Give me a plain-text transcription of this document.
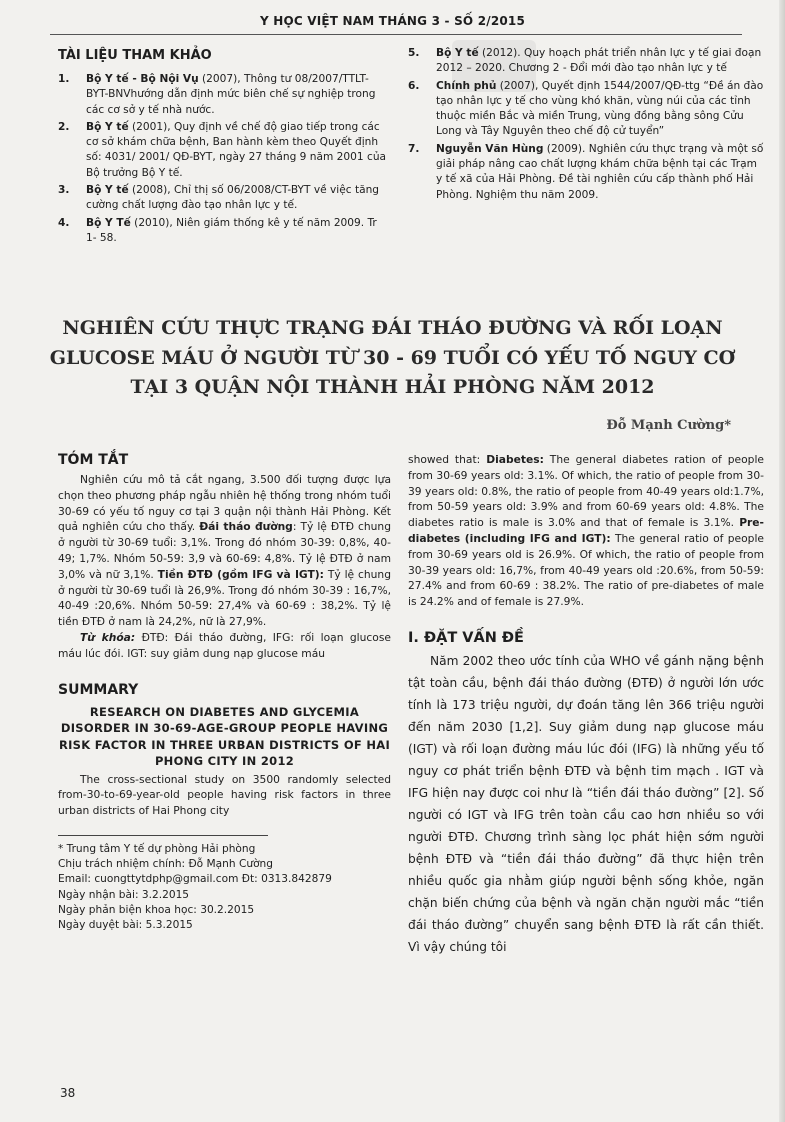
Y HỌC VIỆT NAM THÁNG 3 - SỐ 2/2015
TÀI LIỆU THAM KHẢO
1. Bộ Y tế - Bộ Nội Vụ (2007), Thông tư 08/2007/TTLT-BYT-BNVhướng dẫn định mức biên chế sự nghiệp trong các cơ sở y tế nhà nước.
2. Bộ Y tế (2001), Quy định về chế độ giao tiếp trong các cơ sở khám chữa bệnh, Ban hành kèm theo Quyết định số: 4031/ 2001/ QĐ-BYT, ngày 27 tháng 9 năm 2001 của Bộ trưởng Bộ Y tế.
3. Bộ Y tế (2008), Chỉ thị số 06/2008/CT-BYT về việc tăng cường chất lượng đào tạo nhân lực y tế.
4. Bộ Y Tế (2010), Niên giám thống kê y tế năm 2009. Tr 1- 58.
5. Bộ Y tế (2012). Quy hoạch phát triển nhân lực y tế giai đoạn 2012 – 2020. Chương 2 - Đổi mới đào tạo nhân lực y tế
6. Chính phủ (2007), Quyết định 1544/2007/QĐ-ttg “Đề án đào tạo nhân lực y tế cho vùng khó khăn, vùng núi của các tỉnh thuộc miền Bắc và miền Trung, vùng đồng bằng sông Cửu Long và Tây Nguyên theo chế độ cử tuyển”
7. Nguyễn Văn Hùng (2009). Nghiên cứu thực trạng và một số giải pháp nâng cao chất lượng khám chữa bệnh tại các Trạm y tế xã của Hải Phòng. Đề tài nghiên cứu cấp thành phố Hải Phòng. Nghiệm thu năm 2009.
NGHIÊN CỨU THỰC TRẠNG ĐÁI THÁO ĐƯỜNG VÀ RỐI LOẠN
GLUCOSE MÁU Ở NGƯỜI TỪ 30 - 69 TUỔI CÓ YẾU TỐ NGUY CƠ
TẠI 3 QUẬN NỘI THÀNH HẢI PHÒNG NĂM 2012
Đỗ Mạnh Cường*
TÓM TẮT

Nghiên cứu mô tả cắt ngang, 3.500 đối tượng được lựa chọn theo phương pháp ngẫu nhiên hệ thống trong nhóm tuổi 30-69 có yếu tố nguy cơ tại 3 quận nội thành Hải Phòng. Kết quả nghiên cứu cho thấy. Đái tháo đường: Tỷ lệ ĐTĐ chung ở người từ 30-69 tuổi: 3,1%. Trong đó nhóm 30-39: 0,8%, 40-49; 1,7%. Nhóm 50-59: 3,9 và 60-69: 4,8%. Tỷ lệ ĐTĐ ở nam 3,0% và nữ 3,1%. Tiền ĐTĐ (gồm IFG và IGT): Tỷ lệ chung ở người từ 30-69 tuổi là 26,9%. Trong đó nhóm 30-39 : 16,7%, 40-49 :20,6%. Nhóm 50-59: 27,4% và 60-69 : 38,2%. Tỷ lệ tiền ĐTĐ ở nam là 24,2%, nữ là 27,9%.

Từ khóa: ĐTĐ: Đái tháo đường, IFG: rối loạn glucose máu lúc đói. IGT: suy giảm dung nạp glucose máu

SUMMARY
RESEARCH ON DIABETES AND GLYCEMIA DISORDER IN 30-69-AGE-GROUP PEOPLE HAVING RISK FACTOR IN THREE URBAN DISTRICTS OF HAI PHONG CITY IN 2012

The cross-sectional study on 3500 randomly selected from-30-to-69-year-old people having risk factors in three urban districts of Hai Phong city

* Trung tâm Y tế dự phòng Hải phòng
Chịu trách nhiệm chính: Đỗ Mạnh Cường
Email: cuongttytdphp@gmail.com Đt: 0313.842879
Ngày nhận bài: 3.2.2015
Ngày phản biện khoa học: 30.2.2015
Ngày duyệt bài: 5.3.2015

showed that: Diabetes: The general diabetes ration of people from 30-69 years old: 3.1%. Of which, the ratio of people from 30-39 years old: 0.8%, the ratio of people from 40-49 years old:1.7%, from 50-59 years old: 3.9% and from 60-69 years old: 4.8%. The diabetes ratio is male is 3.0% and that of female is 3.1%. Pre-diabetes (including IFG and IGT): The general ratio of people from 30-69 years old is 26.9%. Of which, the ratio of people from 30-39 years old: 16,7%, from 40-49 years old :20.6%, from 50-59: 27.4% and from 60-69 : 38.2%. The ratio of pre-diabetes of male is 24.2% and of female is 27.9%.

I. ĐẶT VẤN ĐỀ

Năm 2002 theo ước tính của WHO về gánh nặng bệnh tật toàn cầu, bệnh đái tháo đường (ĐTĐ) ở người lớn ước tính là 173 triệu người, dự đoán tăng lên 366 triệu người đến năm 2030 [1,2]. Suy giảm dung nạp glucose máu (IGT) và rối loạn đường máu lúc đói (IFG) là những yếu tố nguy cơ phát triển bệnh ĐTĐ và bệnh tim mạch . IGT và IFG hiện nay được coi như là “tiền đái tháo đường” [2]. Số người có IGT và IFG trên toàn cầu cao hơn nhiều so với người ĐTĐ. Chương trình sàng lọc phát hiện sớm người bệnh ĐTĐ và “tiền đái tháo đường” đã thực hiện trên nhiều quốc gia nhằm giúp người bệnh sống khỏe, ngăn chặn biến chứng của bệnh và ngăn chặn người mắc “tiền đái tháo đường” chuyển sang bệnh ĐTĐ là rất cần thiết. Vì vậy chúng tôi

38
